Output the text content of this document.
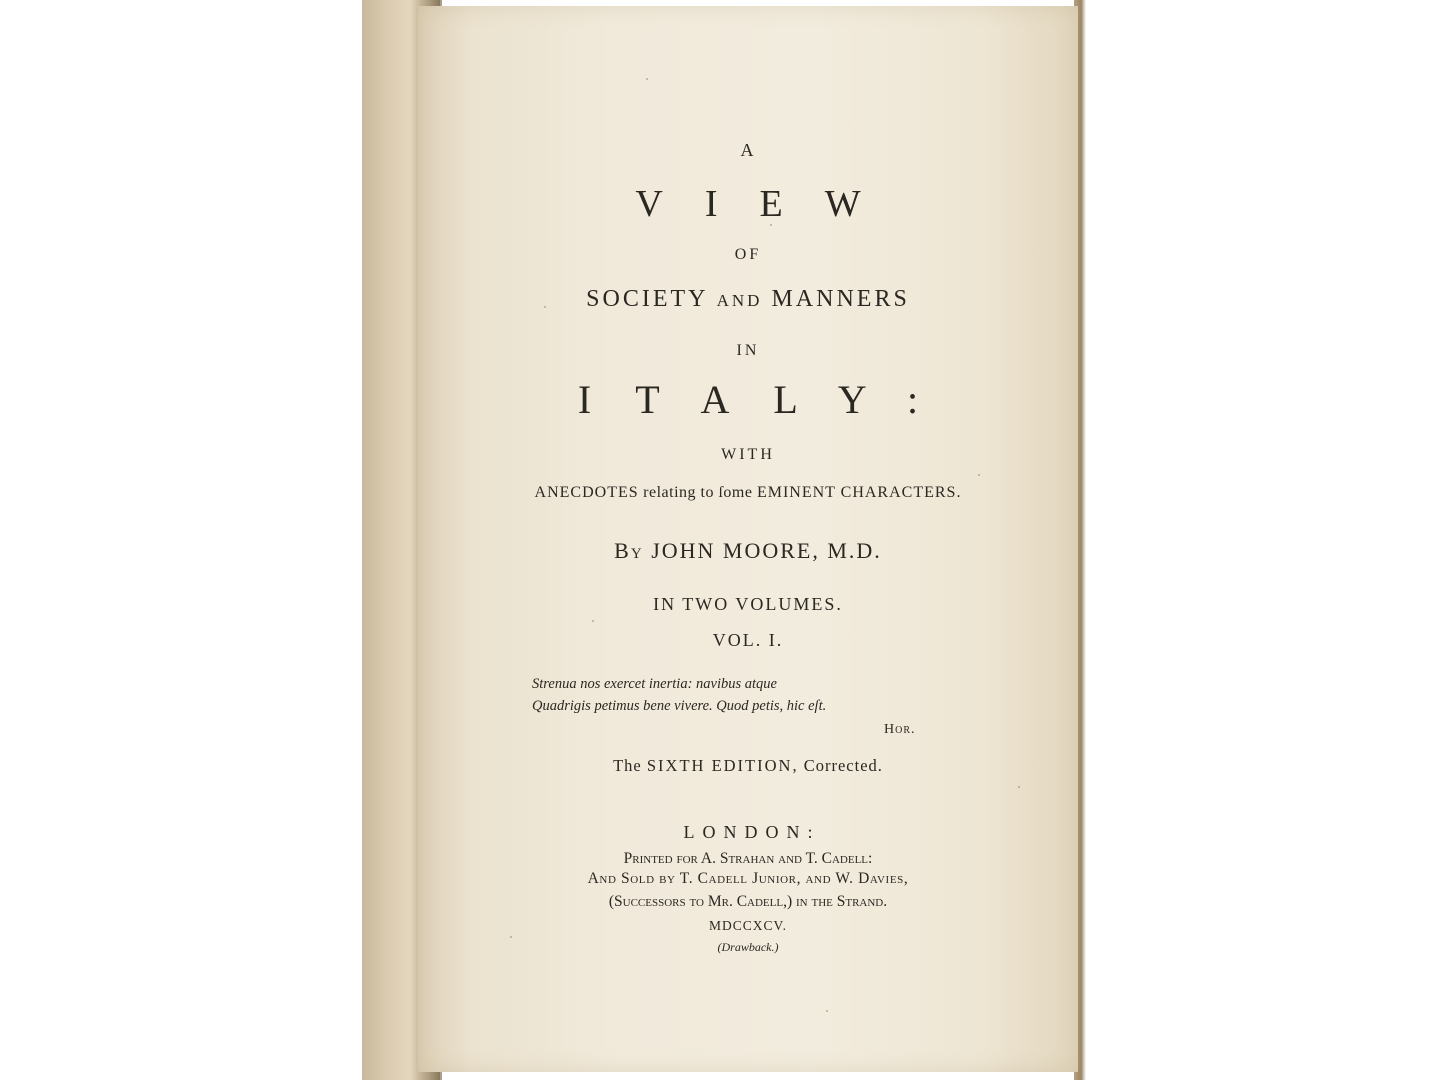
A
VIEW
OF
SOCIETY AND MANNERS
IN
ITALY:
WITH
ANECDOTES relating to ſome EMINENT CHARACTERS.
By JOHN MOORE, M.D.
IN TWO VOLUMES.
VOL. I.
Strenua nos exercet inertia: navibus atque
Quadrigis petimus bene vivere. Quod petis, hic eſt.
Hor.
The SIXTH EDITION, Corrected.
LONDON:
Printed for A. Strahan and T. Cadell:
And Sold by T. Cadell Junior, and W. Davies,
(Succeſſors to Mr. Cadell,) in the Strand.
MDCCXCV.
(Drawback.)
